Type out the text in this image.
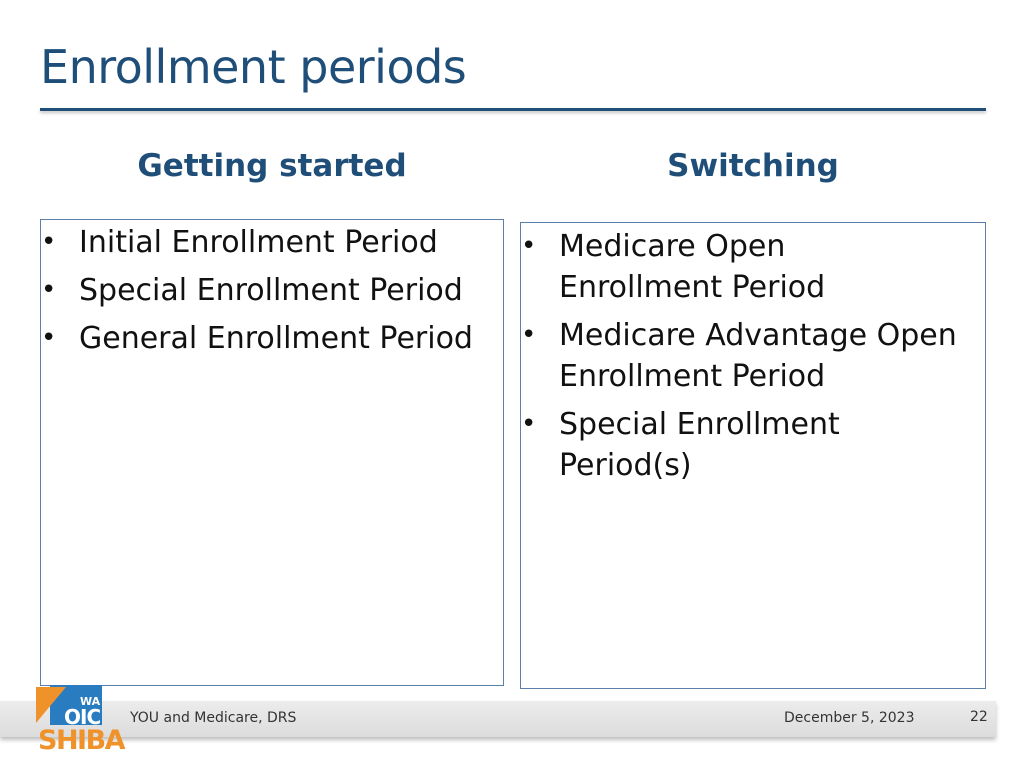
Enrollment periods
Getting started	Switching
• Initial Enrollment Period
• Special Enrollment Period
• General Enrollment Period
• Medicare Open
Enrollment Period
• Medicare Advantage Open
Enrollment Period
• Special Enrollment
Period(s)
YOU and Medicare, DRS	December 5, 2023	22
WA
OIC
SHIBA
